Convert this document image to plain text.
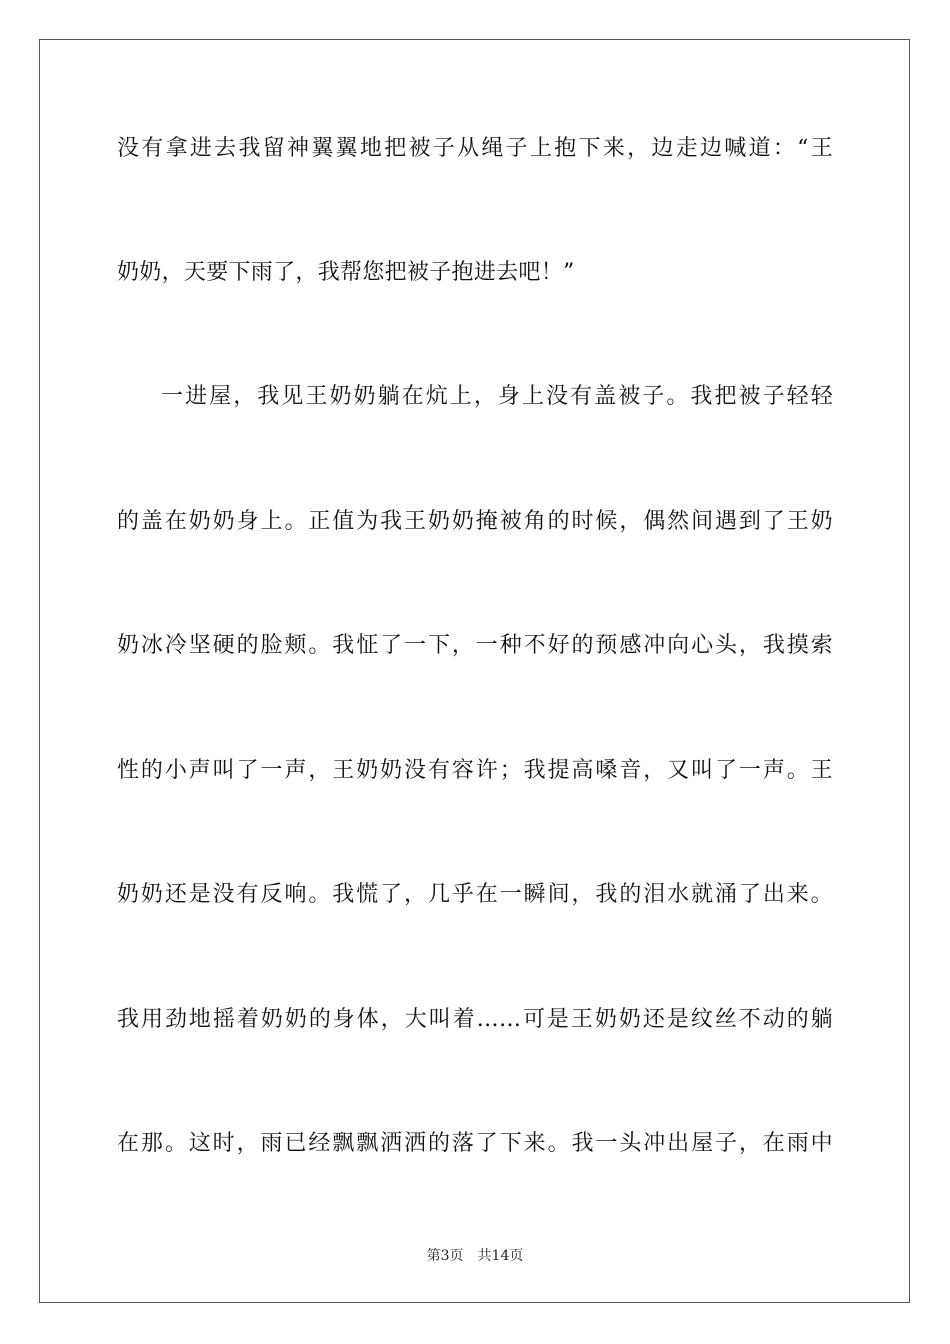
没有拿进去我留神翼翼地把被子从绳子上抱下来，边走边喊道：“王
奶奶，天要下雨了，我帮您把被子抱进去吧！”
一进屋，我见王奶奶躺在炕上，身上没有盖被子。我把被子轻轻
的盖在奶奶身上。正值为我王奶奶掩被角的时候，偶然间遇到了王奶
奶冰冷坚硬的脸颊。我怔了一下，一种不好的预感冲向心头，我摸索
性的小声叫了一声，王奶奶没有容许；我提高嗓音，又叫了一声。王
奶奶还是没有反响。我慌了，几乎在一瞬间，我的泪水就涌了出来。
我用劲地摇着奶奶的身体，大叫着……可是王奶奶还是纹丝不动的躺
在那。这时，雨已经飘飘洒洒的落了下来。我一头冲出屋子，在雨中
第3页 共14页
